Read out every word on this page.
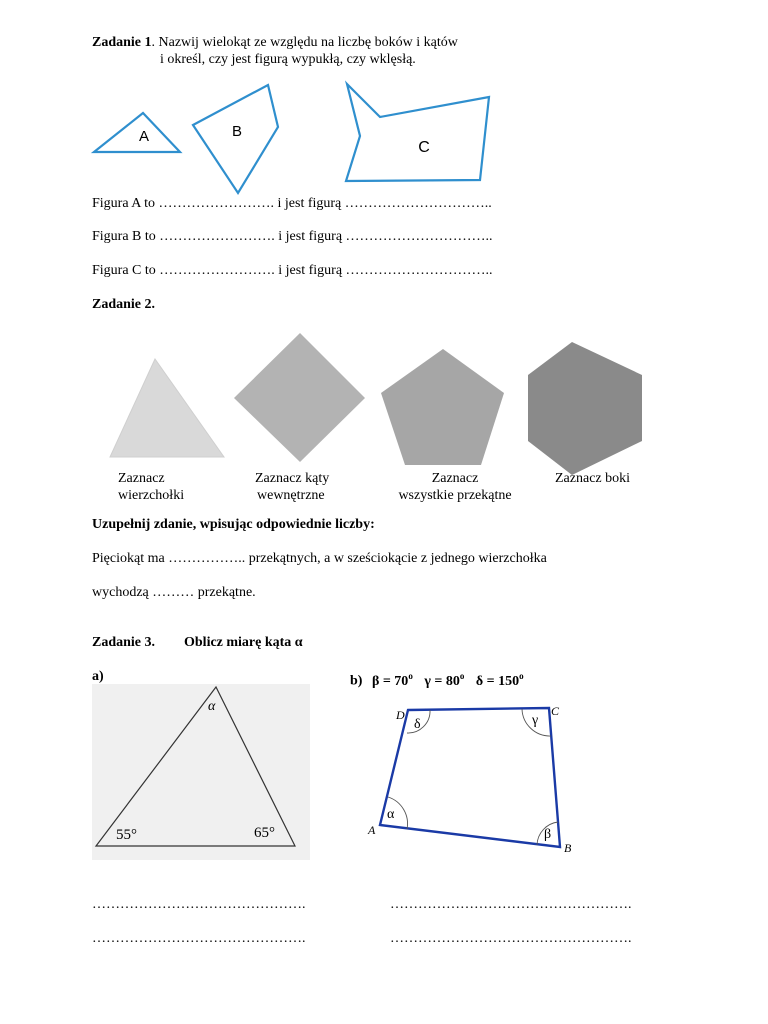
Zadanie 1. Nazwij wielokąt ze względu na liczbę boków i kątów
i określ, czy jest figurą wypukłą, czy wklęsłą.
A	B
C
Figura A to ……………………. i jest figurą …………………………..
Figura B to ……………………. i jest figurą …………………………..
Figura C to ……………………. i jest figurą …………………………..
Zadanie 2.
Zaznacz
wierzchołki
Zaznacz kąty
wewnętrzne
Zaznacz
wszystkie przekątne
Zaznacz boki
Uzupełnij zdanie, wpisując odpowiednie liczby:
Pięciokąt ma …………….. przekątnych, a w sześciokącie z jednego wierzchołka
wychodzą ……… przekątne.
Zadanie 3. Oblicz miarę kąta α
a)	b) $\beta = 70^o$ $\gamma = 80^o$ $\delta = 150^o$
α
55°	65°
D	C
A
B
δ	γ
α
β
……………………………………….
……………………………………….
…………………………………………….
…………………………………………….
